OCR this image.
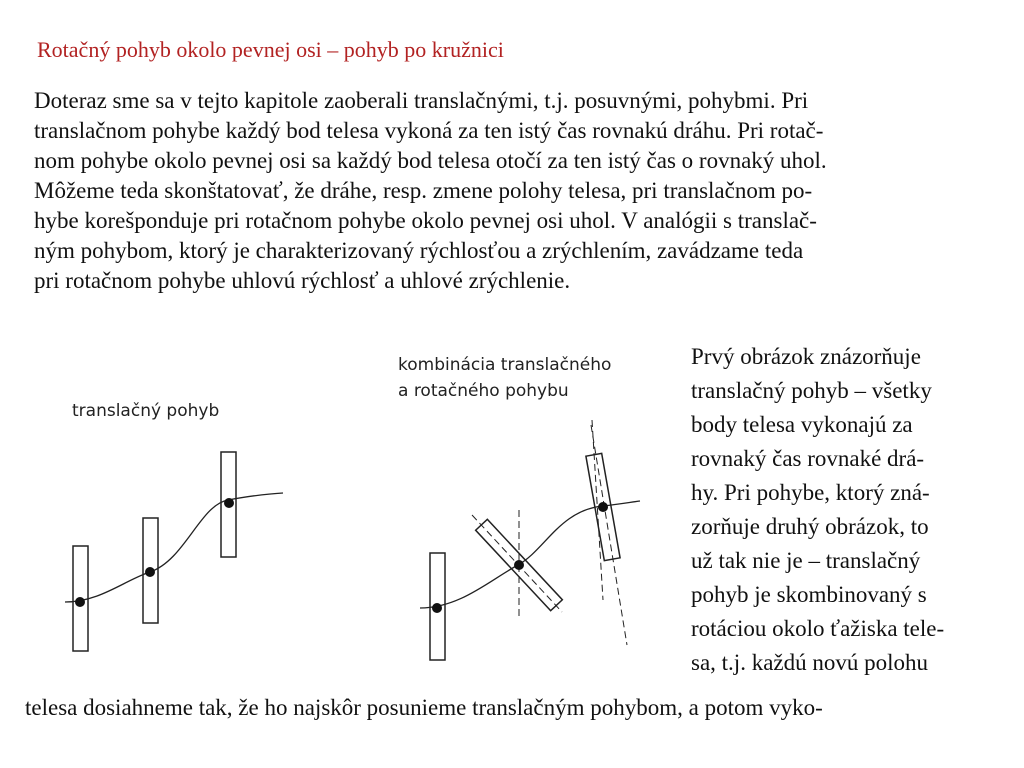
Rotačný pohyb okolo pevnej osi – pohyb po kružnici
Doteraz sme sa v tejto kapitole zaoberali translačnými, t.j. posuvnými, pohybmi. Pri
translačnom pohybe každý bod telesa vykoná za ten istý čas rovnakú dráhu. Pri rotač-
nom pohybe okolo pevnej osi sa každý bod telesa otočí za ten istý čas o rovnaký uhol.
Môžeme teda skonštatovať, že dráhe, resp. zmene polohy telesa, pri translačnom po-
hybe korešponduje pri rotačnom pohybe okolo pevnej osi uhol. V analógii s translač-
ným pohybom, ktorý je charakterizovaný rýchlosťou a zrýchlením, zavádzame teda
pri rotačnom pohybe uhlovú rýchlosť a uhlové zrýchlenie.
translačný pohyb
kombinácia translačného
a rotačného pohybu
Prvý obrázok znázorňuje
translačný pohyb – všetky
body telesa vykonajú za
rovnaký čas rovnaké drá-
hy. Pri pohybe, ktorý zná-
zorňuje druhý obrázok, to
už tak nie je – translačný
pohyb je skombinovaný s
rotáciou okolo ťažiska tele-
sa, t.j. každú novú polohu
telesa dosiahneme tak, že ho najskôr posunieme translačným pohybom, a potom vyko-
